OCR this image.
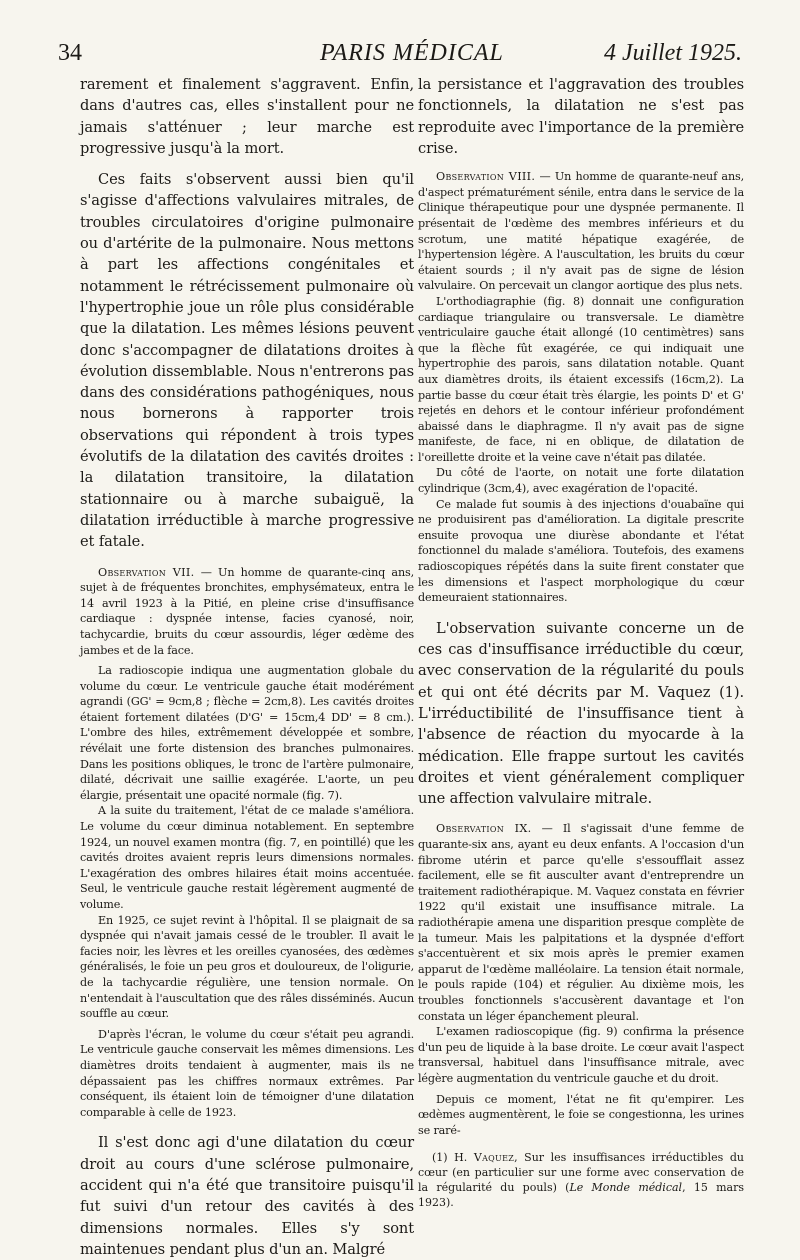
34	PARIS MÉDICAL	4 Juillet 1925.

rarement et finalement s'aggravent. Enfin, dans d'autres cas, elles s'installent pour ne jamais s'atténuer ; leur marche est progressive jusqu'à la mort.

Ces faits s'observent aussi bien qu'il s'agisse d'affections valvulaires mitrales, de troubles circulatoires d'origine pulmonaire ou d'artérite de la pulmonaire. Nous mettons à part les affections congénitales et notamment le rétrécissement pulmonaire où l'hypertrophie joue un rôle plus considérable que la dilatation. Les mêmes lésions peuvent donc s'accompagner de dilatations droites à évolution dissemblable. Nous n'entrerons pas dans des considérations pathogéniques, nous nous bornerons à rapporter trois observations qui répondent à trois types évolutifs de la dilatation des cavités droites : la dilatation transitoire, la dilatation stationnaire ou à marche subaiguë, la dilatation irréductible à marche progressive et fatale.

Observation VII. — Un homme de quarante-cinq ans, sujet à de fréquentes bronchites, emphysémateux, entra le 14 avril 1923 à la Pitié, en pleine crise d'insuffisance cardiaque : dyspnée intense, facies cyanosé, noir, tachycardie, bruits du cœur assourdis, léger œdème des jambes et de la face.

La radioscopie indiqua une augmentation globale du volume du cœur. Le ventricule gauche était modérément agrandi (GG' = 9cm,8 ; flèche = 2cm,8). Les cavités droites étaient fortement dilatées (D'G' = 15cm,4 DD' = 8 cm.). L'ombre des hiles, extrêmement développée et sombre, révélait une forte distension des branches pulmonaires. Dans les positions obliques, le tronc de l'artère pulmonaire, dilaté, décrivait une saillie exagérée. L'aorte, un peu élargie, présentait une opacité normale (fig. 7).

A la suite du traitement, l'état de ce malade s'améliora. Le volume du cœur diminua notablement. En septembre 1924, un nouvel examen montra (fig. 7, en pointillé) que les cavités droites avaient repris leurs dimensions normales. L'exagération des ombres hilaires était moins accentuée. Seul, le ventricule gauche restait légèrement augmenté de volume.

En 1925, ce sujet revint à l'hôpital. Il se plaignait de sa dyspnée qui n'avait jamais cessé de le troubler. Il avait le facies noir, les lèvres et les oreilles cyanosées, des œdèmes généralisés, le foie un peu gros et douloureux, de l'oligurie, de la tachycardie régulière, une tension normale. On n'entendait à l'auscultation que des râles disséminés. Aucun souffle au cœur.

D'après l'écran, le volume du cœur s'était peu agrandi. Le ventricule gauche conservait les mêmes dimensions. Les diamètres droits tendaient à augmenter, mais ils ne dépassaient pas les chiffres normaux extrêmes. Par conséquent, ils étaient loin de témoigner d'une dilatation comparable à celle de 1923.

Il s'est donc agi d'une dilatation du cœur droit au cours d'une sclérose pulmonaire, accident qui n'a été que transitoire puisqu'il fut suivi d'un retour des cavités à des dimensions normales. Elles s'y sont maintenues pendant plus d'un an. Malgré

la persistance et l'aggravation des troubles fonctionnels, la dilatation ne s'est pas reproduite avec l'importance de la première crise.

Observation VIII. — Un homme de quarante-neuf ans, d'aspect prématurément sénile, entra dans le service de la Clinique thérapeutique pour une dyspnée permanente. Il présentait de l'œdème des membres inférieurs et du scrotum, une matité hépatique exagérée, de l'hypertension légère. A l'auscultation, les bruits du cœur étaient sourds ; il n'y avait pas de signe de lésion valvulaire. On percevait un clangor aortique des plus nets.

L'orthodiagraphie (fig. 8) donnait une configuration cardiaque triangulaire ou transversale. Le diamètre ventriculaire gauche était allongé (10 centimètres) sans que la flèche fût exagérée, ce qui indiquait une hypertrophie des parois, sans dilatation notable. Quant aux diamètres droits, ils étaient excessifs (16cm,2). La partie basse du cœur était très élargie, les points D' et G' rejetés en dehors et le contour inférieur profondément abaissé dans le diaphragme. Il n'y avait pas de signe manifeste, de face, ni en oblique, de dilatation de l'oreillette droite et la veine cave n'était pas dilatée.

Du côté de l'aorte, on notait une forte dilatation cylindrique (3cm,4), avec exagération de l'opacité.

Ce malade fut soumis à des injections d'ouabaïne qui ne produisirent pas d'amélioration. La digitale prescrite ensuite provoqua une diurèse abondante et l'état fonctionnel du malade s'améliora. Toutefois, des examens radioscopiques répétés dans la suite firent constater que les dimensions et l'aspect morphologique du cœur demeuraient stationnaires.

L'observation suivante concerne un de ces cas d'insuffisance irréductible du cœur, avec conservation de la régularité du pouls et qui ont été décrits par M. Vaquez (1). L'irréductibilité de l'insuffisance tient à l'absence de réaction du myocarde à la médication. Elle frappe surtout les cavités droites et vient généralement compliquer une affection valvulaire mitrale.

Observation IX. — Il s'agissait d'une femme de quarante-six ans, ayant eu deux enfants. A l'occasion d'un fibrome utérin et parce qu'elle s'essoufflait assez facilement, elle se fit ausculter avant d'entreprendre un traitement radiothérapique. M. Vaquez constata en février 1922 qu'il existait une insuffisance mitrale. La radiothérapie amena une disparition presque complète de la tumeur. Mais les palpitations et la dyspnée d'effort s'accentuèrent et six mois après le premier examen apparut de l'œdème malléolaire. La tension était normale, le pouls rapide (104) et régulier. Au dixième mois, les troubles fonctionnels s'accusèrent davantage et l'on constata un léger épanchement pleural.

L'examen radioscopique (fig. 9) confirma la présence d'un peu de liquide à la base droite. Le cœur avait l'aspect transversal, habituel dans l'insuffisance mitrale, avec légère augmentation du ventricule gauche et du droit.

Depuis ce moment, l'état ne fit qu'empirer. Les œdèmes augmentèrent, le foie se congestionna, les urines se raré-

(1) H. Vaquez, Sur les insuffisances irréductibles du cœur (en particulier sur une forme avec conservation de la régularité du pouls) (Le Monde médical, 15 mars 1923).
